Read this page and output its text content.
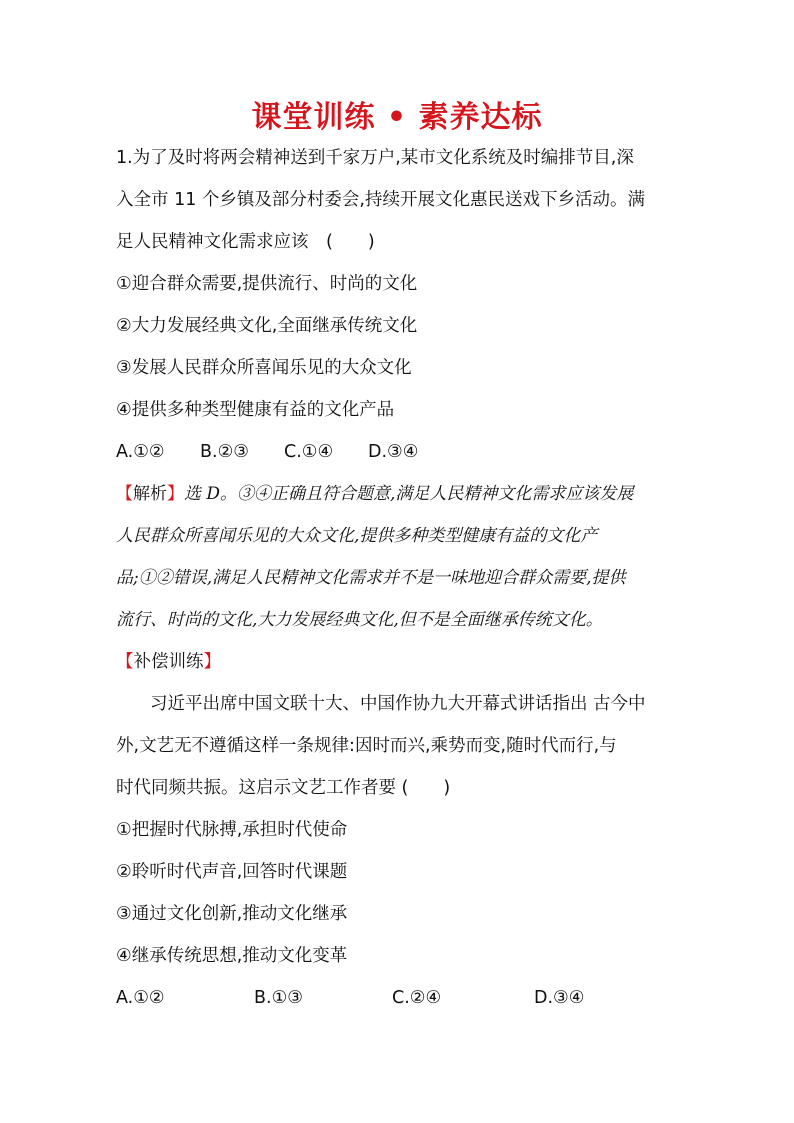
课堂训练 • 素养达标
1.为了及时将两会精神送到千家万户,某市文化系统及时编排节目,深
入全市 11 个乡镇及部分村委会,持续开展文化惠民送戏下乡活动。满
足人民精神文化需求应该　(　　)
①迎合群众需要,提供流行、时尚的文化
②大力发展经典文化,全面继承传统文化
③发展人民群众所喜闻乐见的大众文化
④提供多种类型健康有益的文化产品
A.①② B.②③ C.①④ D.③④
【解析】选 D。③④正确且符合题意,满足人民精神文化需求应该发展
人民群众所喜闻乐见的大众文化,提供多种类型健康有益的文化产
品;①②错误,满足人民精神文化需求并不是一味地迎合群众需要,提供
流行、时尚的文化,大力发展经典文化,但不是全面继承传统文化。
【补偿训练】
习近平出席中国文联十大、中国作协九大开幕式讲话指出 古今中
外,文艺无不遵循这样一条规律:因时而兴,乘势而变,随时代而行,与
时代同频共振。这启示文艺工作者要 (　　)
①把握时代脉搏,承担时代使命
②聆听时代声音,回答时代课题
③通过文化创新,推动文化继承
④继承传统思想,推动文化变革
A.①②	B.①③	C.②④	D.③④
